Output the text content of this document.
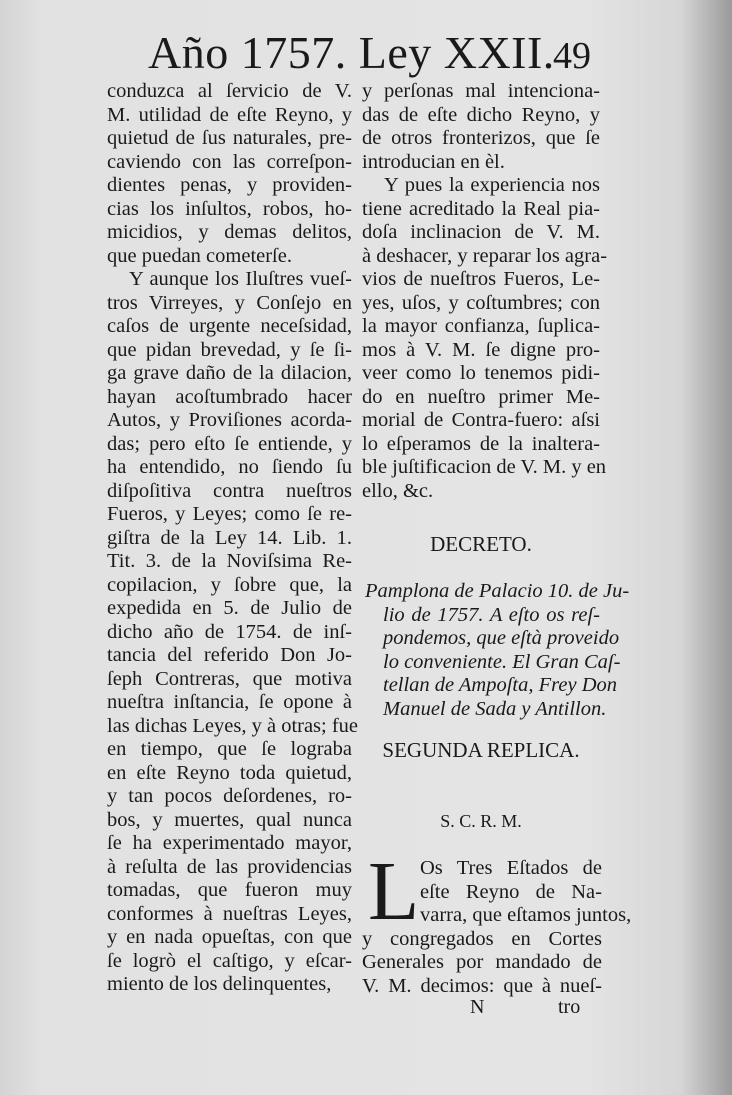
Año 1757. Ley XXII.
49
conduzca al ſervicio de V.
M. utilidad de eſte Reyno, y
quietud de ſus naturales, pre-
caviendo con las correſpon-
dientes penas, y providen-
cias los inſultos, robos, ho-
micidios, y demas delitos,
que puedan cometerſe.
Y aunque los Iluſtres vueſ-
tros Virreyes, y Conſejo en
caſos de urgente neceſsidad,
que pidan brevedad, y ſe ſi-
ga grave daño de la dilacion,
hayan acoſtumbrado hacer
Autos, y Proviſiones acorda-
das; pero eſto ſe entiende, y
ha entendido, no ſiendo ſu
diſpoſitiva contra nueſtros
Fueros, y Leyes; como ſe re-
giſtra de la Ley 14. Lib. 1.
Tit. 3. de la Noviſsima Re-
copilacion, y ſobre que, la
expedida en 5. de Julio de
dicho año de 1754. de inſ-
tancia del referido Don Jo-
ſeph Contreras, que motiva
nueſtra inſtancia, ſe opone à
las dichas Leyes, y à otras; fue
en tiempo, que ſe lograba
en eſte Reyno toda quietud,
y tan pocos deſordenes, ro-
bos, y muertes, qual nunca
ſe ha experimentado mayor,
à reſulta de las providencias
tomadas, que fueron muy
conformes à nueſtras Leyes,
y en nada opueſtas, con que
ſe logrò el caſtigo, y eſcar-
miento de los delinquentes,
y perſonas mal intenciona-
das de eſte dicho Reyno, y
de otros fronterizos, que ſe
introducian en èl.
Y pues la experiencia nos
tiene acreditado la Real pia-
doſa inclinacion de V. M.
à deshacer, y reparar los agra-
vios de nueſtros Fueros, Le-
yes, uſos, y coſtumbres; con
la mayor confianza, ſuplica-
mos à V. M. ſe digne pro-
veer como lo tenemos pidi-
do en nueſtro primer Me-
morial de Contra-fuero: aſsi
lo eſperamos de la inaltera-
ble juſtificacion de V. M. y en
ello, &c.
DECRETO.
Pamplona de Palacio 10. de Ju-
lio de 1757. A eſto os reſ-
pondemos, que eſtà proveido
lo conveniente. El Gran Caſ-
tellan de Ampoſta, Frey Don
Manuel de Sada y Antillon.
SEGUNDA REPLICA.
S. C. R. M.
L Os Tres Eſtados de
eſte Reyno de Na-
varra, que eſtamos juntos,
y congregados en Cortes
Generales por mandado de
V. M. decimos: que à nueſ-
N	tro
